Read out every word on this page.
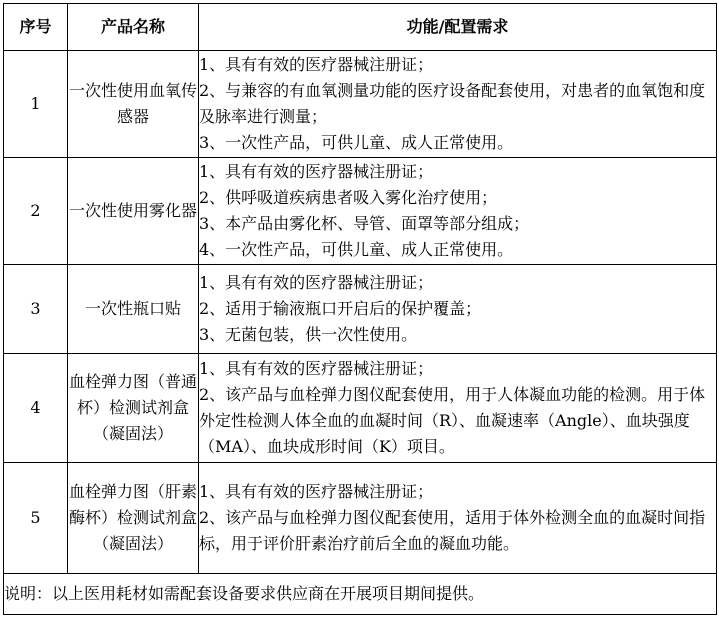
序号	产品名称	功能/配置需求
1	一次性使用血氧传感器	1、具有有效的医疗器械注册证；
2、与兼容的有血氧测量功能的医疗设备配套使用，对患者的血氧饱和度及脉率进行测量；
3、一次性产品，可供儿童、成人正常使用。

2	一次性使用雾化器	1、具有有效的医疗器械注册证；
2、供呼吸道疾病患者吸入雾化治疗使用；
3、本产品由雾化杯、导管、面罩等部分组成；
4、一次性产品，可供儿童、成人正常使用。

3	一次性瓶口贴	1、具有有效的医疗器械注册证；
2、适用于输液瓶口开启后的保护覆盖；
3、无菌包装，供一次性使用。

4	血栓弹力图（普通杯）检测试剂盒（凝固法）	1、具有有效的医疗器械注册证；
2、该产品与血栓弹力图仪配套使用，用于人体凝血功能的检测。用于体外定性检测人体全血的血凝时间（R）、血凝速率（Angle）、血块强度（MA）、血块成形时间（K）项目。

5	血栓弹力图（肝素酶杯）检测试剂盒（凝固法）	1、具有有效的医疗器械注册证；
2、该产品与血栓弹力图仪配套使用，适用于体外检测全血的血凝时间指标，用于评价肝素治疗前后全血的凝血功能。

说明：以上医用耗材如需配套设备要求供应商在开展项目期间提供。		
